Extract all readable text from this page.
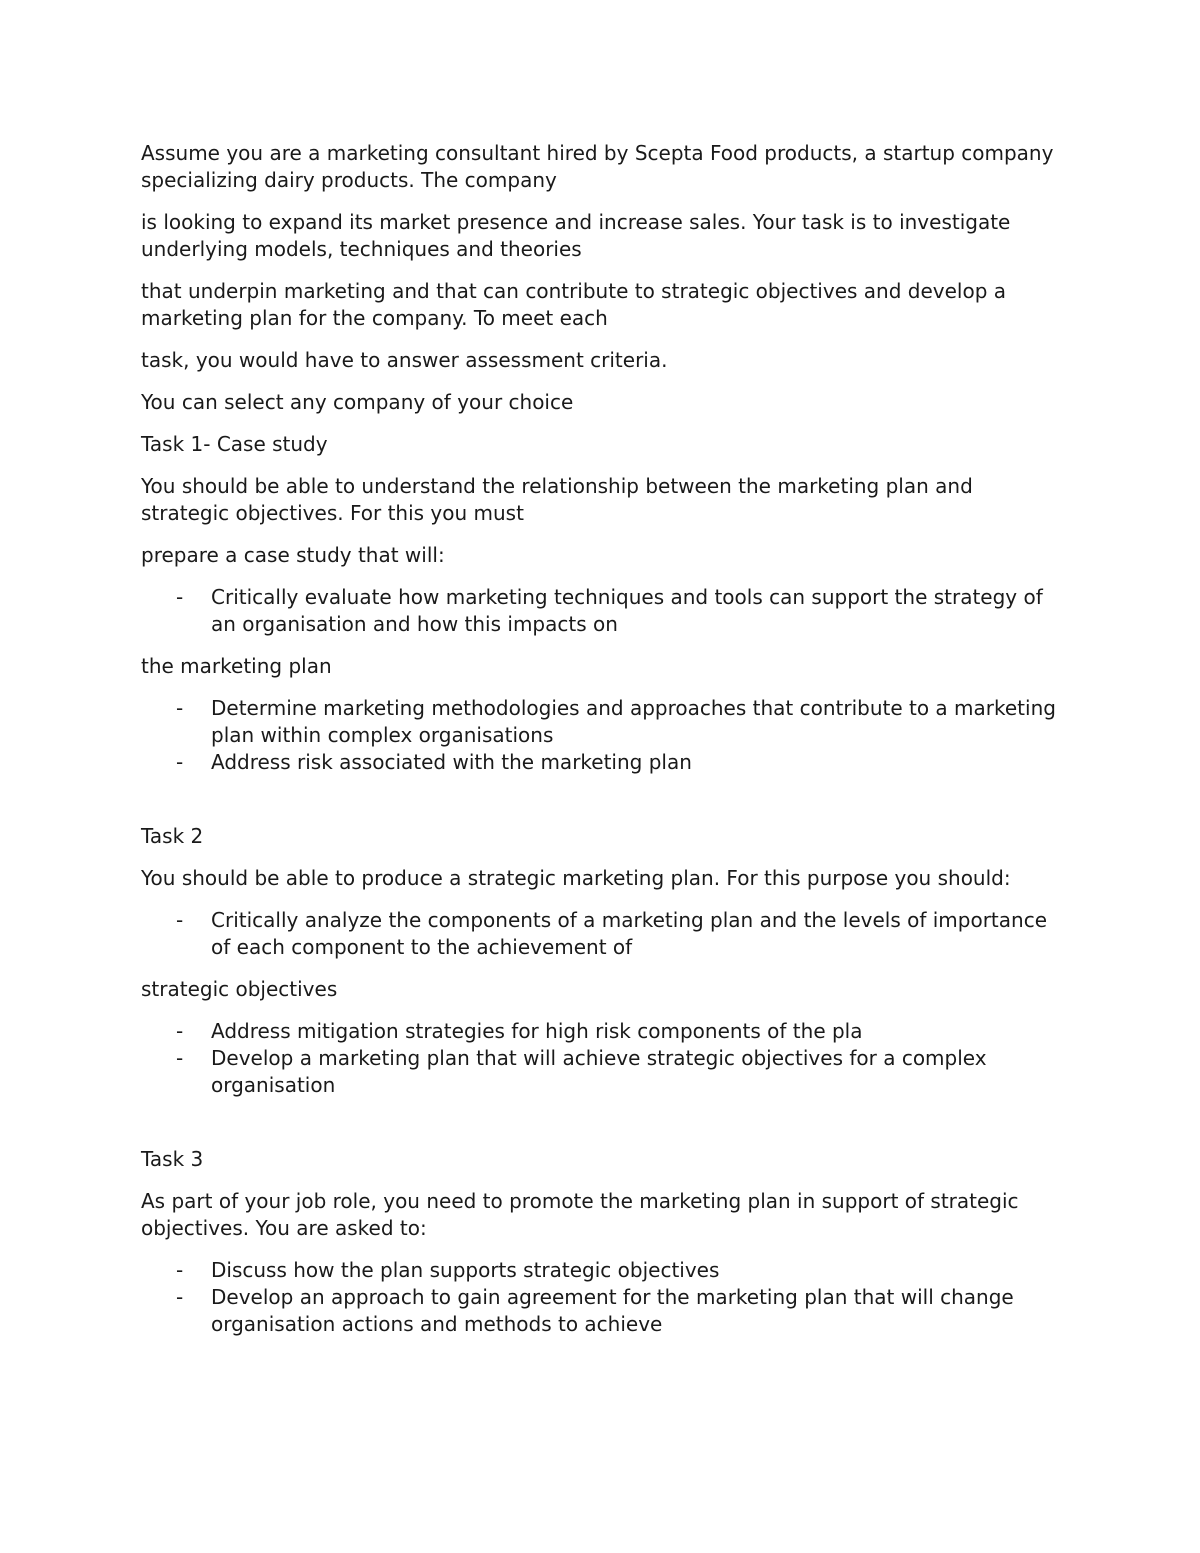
Assume you are a marketing consultant hired by Scepta Food products, a startup company specializing dairy products. The company

is looking to expand its market presence and increase sales. Your task is to investigate underlying models, techniques and theories

that underpin marketing and that can contribute to strategic objectives and develop a marketing plan for the company. To meet each

task, you would have to answer assessment criteria.

You can select any company of your choice

Task 1- Case study

You should be able to understand the relationship between the marketing plan and strategic objectives. For this you must

prepare a case study that will:

- Critically evaluate how marketing techniques and tools can support the strategy of an organisation and how this impacts on

the marketing plan

- Determine marketing methodologies and approaches that contribute to a marketing plan within complex organisations
- Address risk associated with the marketing plan

Task 2

You should be able to produce a strategic marketing plan. For this purpose you should:

- Critically analyze the components of a marketing plan and the levels of importance of each component to the achievement of

strategic objectives

- Address mitigation strategies for high risk components of the pla
- Develop a marketing plan that will achieve strategic objectives for a complex organisation

Task 3

As part of your job role, you need to promote the marketing plan in support of strategic objectives. You are asked to:

- Discuss how the plan supports strategic objectives
- Develop an approach to gain agreement for the marketing plan that will change organisation actions and methods to achieve
